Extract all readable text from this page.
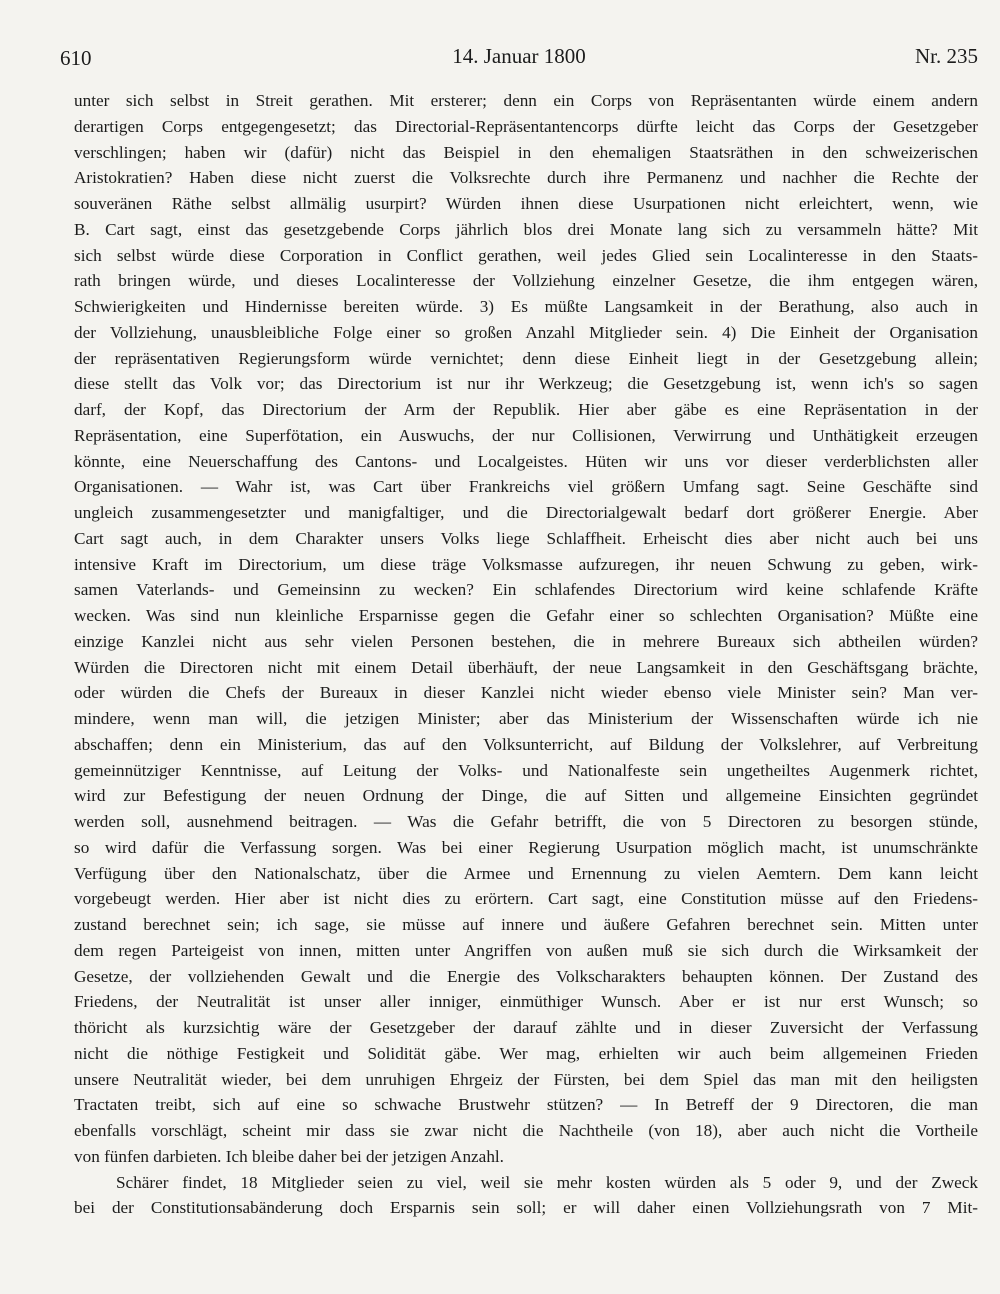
610	14. Januar 1800	Nr. 235
unter sich selbst in Streit gerathen. Mit ersterer; denn ein Corps von Repräsentanten würde einem andern
derartigen Corps entgegengesetzt; das Directorial-Repräsentantencorps dürfte leicht das Corps der Gesetzgeber
verschlingen; haben wir (dafür) nicht das Beispiel in den ehemaligen Staatsräthen in den schweizerischen
Aristokratien? Haben diese nicht zuerst die Volksrechte durch ihre Permanenz und nachher die Rechte der
souveränen Räthe selbst allmälig usurpirt? Würden ihnen diese Usurpationen nicht erleichtert, wenn, wie
B. Cart sagt, einst das gesetzgebende Corps jährlich blos drei Monate lang sich zu versammeln hätte? Mit
sich selbst würde diese Corporation in Conflict gerathen, weil jedes Glied sein Localinteresse in den Staats-
rath bringen würde, und dieses Localinteresse der Vollziehung einzelner Gesetze, die ihm entgegen wären,
Schwierigkeiten und Hindernisse bereiten würde. 3) Es müßte Langsamkeit in der Berathung, also auch in
der Vollziehung, unausbleibliche Folge einer so großen Anzahl Mitglieder sein. 4) Die Einheit der Organisation
der repräsentativen Regierungsform würde vernichtet; denn diese Einheit liegt in der Gesetzgebung allein;
diese stellt das Volk vor; das Directorium ist nur ihr Werkzeug; die Gesetzgebung ist, wenn ich's so sagen
darf, der Kopf, das Directorium der Arm der Republik. Hier aber gäbe es eine Repräsentation in der
Repräsentation, eine Superfötation, ein Auswuchs, der nur Collisionen, Verwirrung und Unthätigkeit erzeugen
könnte, eine Neuerschaffung des Cantons- und Localgeistes. Hüten wir uns vor dieser verderblichsten aller
Organisationen. — Wahr ist, was Cart über Frankreichs viel größern Umfang sagt. Seine Geschäfte sind
ungleich zusammengesetzter und manigfaltiger, und die Directorialgewalt bedarf dort größerer Energie. Aber
Cart sagt auch, in dem Charakter unsers Volks liege Schlaffheit. Erheischt dies aber nicht auch bei uns
intensive Kraft im Directorium, um diese träge Volksmasse aufzuregen, ihr neuen Schwung zu geben, wirk-
samen Vaterlands- und Gemeinsinn zu wecken? Ein schlafendes Directorium wird keine schlafende Kräfte
wecken. Was sind nun kleinliche Ersparnisse gegen die Gefahr einer so schlechten Organisation? Müßte eine
einzige Kanzlei nicht aus sehr vielen Personen bestehen, die in mehrere Bureaux sich abtheilen würden?
Würden die Directoren nicht mit einem Detail überhäuft, der neue Langsamkeit in den Geschäftsgang brächte,
oder würden die Chefs der Bureaux in dieser Kanzlei nicht wieder ebenso viele Minister sein? Man ver-
mindere, wenn man will, die jetzigen Minister; aber das Ministerium der Wissenschaften würde ich nie
abschaffen; denn ein Ministerium, das auf den Volksunterricht, auf Bildung der Volkslehrer, auf Verbreitung
gemeinnütziger Kenntnisse, auf Leitung der Volks- und Nationalfeste sein ungetheiltes Augenmerk richtet,
wird zur Befestigung der neuen Ordnung der Dinge, die auf Sitten und allgemeine Einsichten gegründet
werden soll, ausnehmend beitragen. — Was die Gefahr betrifft, die von 5 Directoren zu besorgen stünde,
so wird dafür die Verfassung sorgen. Was bei einer Regierung Usurpation möglich macht, ist unumschränkte
Verfügung über den Nationalschatz, über die Armee und Ernennung zu vielen Aemtern. Dem kann leicht
vorgebeugt werden. Hier aber ist nicht dies zu erörtern. Cart sagt, eine Constitution müsse auf den Friedens-
zustand berechnet sein; ich sage, sie müsse auf innere und äußere Gefahren berechnet sein. Mitten unter
dem regen Parteigeist von innen, mitten unter Angriffen von außen muß sie sich durch die Wirksamkeit der
Gesetze, der vollziehenden Gewalt und die Energie des Volkscharakters behaupten können. Der Zustand des
Friedens, der Neutralität ist unser aller inniger, einmüthiger Wunsch. Aber er ist nur erst Wunsch; so
thöricht als kurzsichtig wäre der Gesetzgeber der darauf zählte und in dieser Zuversicht der Verfassung
nicht die nöthige Festigkeit und Solidität gäbe. Wer mag, erhielten wir auch beim allgemeinen Frieden
unsere Neutralität wieder, bei dem unruhigen Ehrgeiz der Fürsten, bei dem Spiel das man mit den heiligsten
Tractaten treibt, sich auf eine so schwache Brustwehr stützen? — In Betreff der 9 Directoren, die man
ebenfalls vorschlägt, scheint mir dass sie zwar nicht die Nachtheile (von 18), aber auch nicht die Vortheile
von fünfen darbieten. Ich bleibe daher bei der jetzigen Anzahl.
Schärer findet, 18 Mitglieder seien zu viel, weil sie mehr kosten würden als 5 oder 9, und der Zweck
bei der Constitutionsabänderung doch Ersparnis sein soll; er will daher einen Vollziehungsrath von 7 Mit-
